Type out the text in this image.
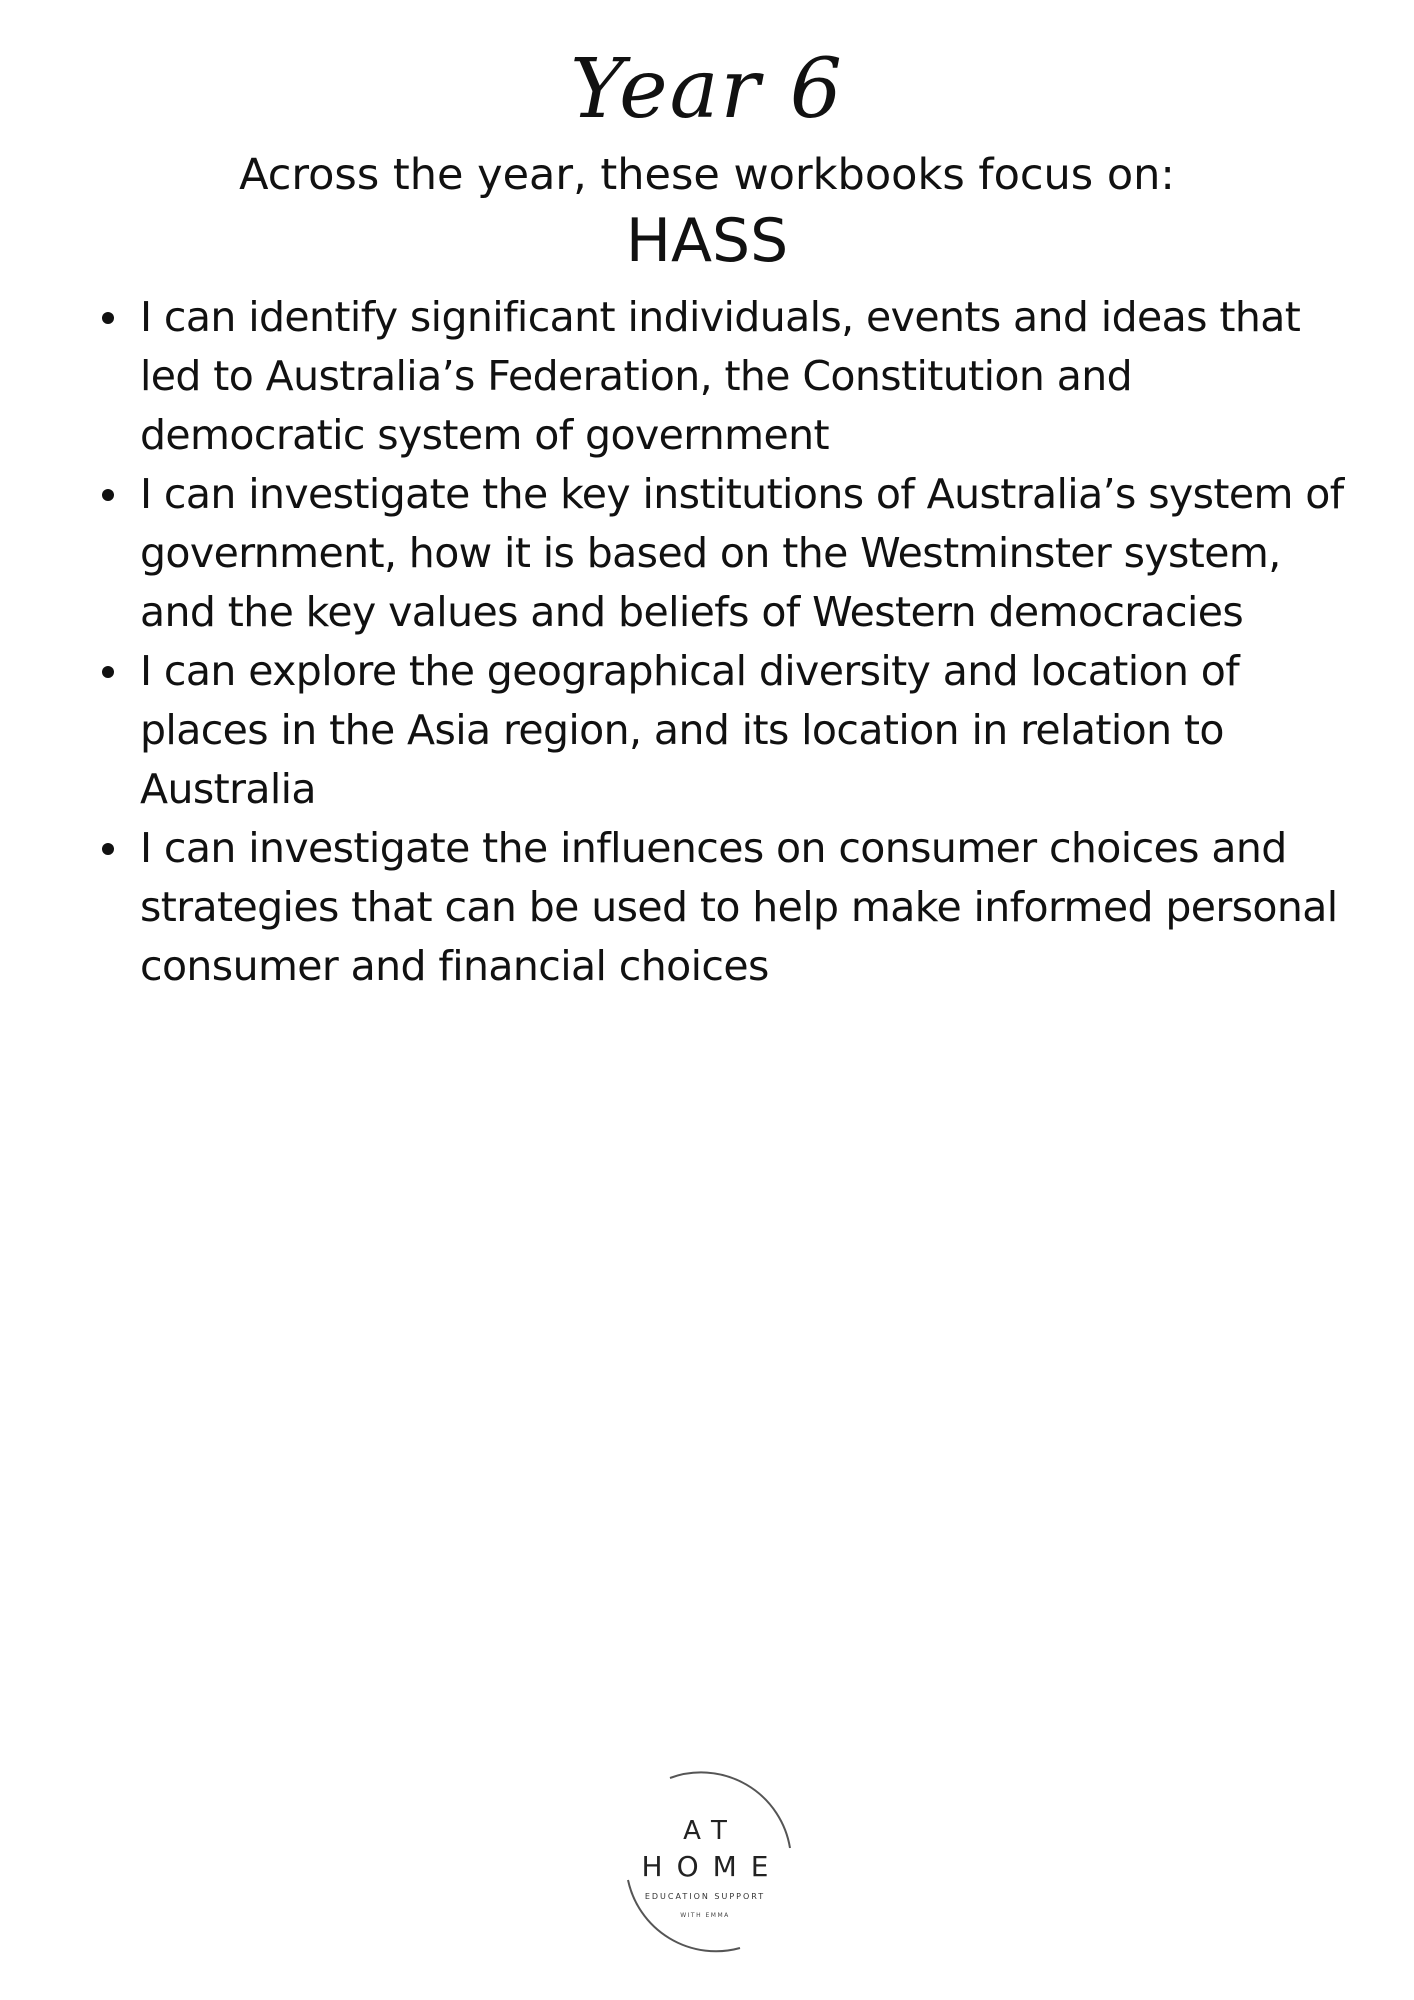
Year 6
Across the year, these workbooks focus on:
HASS
I can identify significant individuals, events and ideas that led to Australia’s Federation, the Constitution and democratic system of government
I can investigate the key institutions of Australia’s system of government, how it is based on the Westminster system, and the key values and beliefs of Western democracies
I can explore the geographical diversity and location of places in the Asia region, and its location in relation to Australia
I can investigate the influences on consumer choices and strategies that can be used to help make informed personal consumer and financial choices
AT
HOME
EDUCATION SUPPORT
WITH EMMA
